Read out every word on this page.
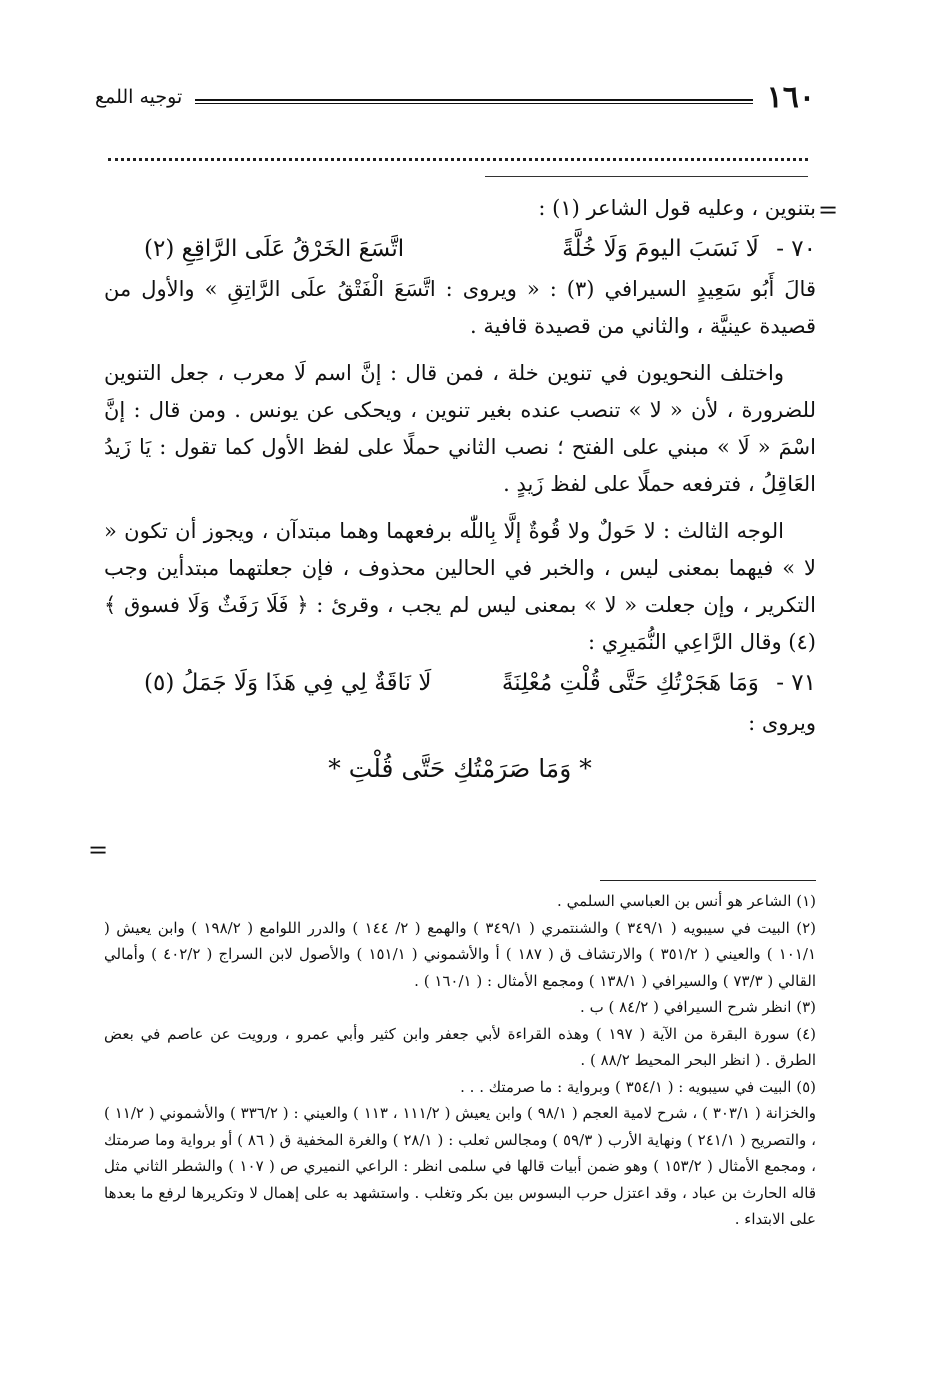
١٦٠
توجيه اللمع
=

بتنوين ، وعليه قول الشاعر (١) :

٧٠ - لَا نَسَبَ اليومَ وَلَا خُلَّةً
اتَّسَعَ الخَرْقُ عَلَى الرَّاقِعِ (٢)

قالَ أَبُو سَعِيدٍ السيرافي (٣) : « ويروى : اتَّسَعَ الْفَتْقُ علَى الرَّاتِقِ » والأول من قصيدة عينيَّة ، والثاني من قصيدة قافية .

واختلف النحويون في تنوين خلة ، فمن قال : إنَّ اسم لَا معرب ، جعل التنوين للضرورة ، لأن « لا » تنصب عنده بغير تنوين ، ويحكى عن يونس . ومن قال : إنَّ اسْمَ « لَا » مبني على الفتح ؛ نصب الثاني حملًا على لفظ الأول كما تقول : يَا زَيدُ العَاقِلُ ، فترفعه حملًا على لفظ زَيدٍ .

الوجه الثالث : لا حَولٌ ولا قُوةٌ إلَّا بِاللّٰه برفعهما وهما مبتدآن ، ويجوز أن تكون « لا » فيهما بمعنى ليس ، والخبر في الحالين محذوف ، فإن جعلتهما مبتدأين وجب التكرير ، وإن جعلت « لا » بمعنى ليس لم يجب ، وقرئ : ﴿ فَلَا رَفَثٌ وَلَا فسوق ﴾ (٤) وقال الرَّاعِي النُّمَيرِي :

٧١ - وَمَا هَجَرْتُكِ حَتَّى قُلْتِ مُعْلِنَةً
لَا نَاقَةٌ لِي فِي هَذَا وَلَا جَمَلُ (٥)

ويروى :

* وَمَا صَرَمْتُكِ حَتَّى قُلْتِ *
=

(١) الشاعر هو أنس بن العباسي السلمي .

(٢) البيت في سيبويه ( ٣٤٩/١ ) والشنتمري ( ٣٤٩/١ ) والهمع ( ٢/ ١٤٤ ) والدرر اللوامع ( ١٩٨/٢ ) وابن يعيش ( ١٠١/١ ) والعيني ( ٣٥١/٢ ) والارتشاف ق ( ١٨٧ ) أ والأشموني ( ١٥١/١ ) والأصول لابن السراج ( ٤٠٢/٢ ) وأمالي القالي ( ٧٣/٣ ) والسيرافي ( ١٣٨/١ ) ومجمع الأمثال : ( ١٦٠/١ ) .

(٣) انظر شرح السيرافي ( ٨٤/٢ ) ب .

(٤) سورة البقرة من الآية ( ١٩٧ ) وهذه القراءة لأبي جعفر وابن كثير وأبي عمرو ، ورويت عن عاصم في بعض الطرق . ( انظر البحر المحيط ٨٨/٢ ) .

(٥) البيت في سيبويه : ( ٣٥٤/١ ) وبرواية : ما صرمتك . . .

والخزانة ( ٣٠٣/١ ) ، شرح لامية العجم ( ٩٨/١ ) وابن يعيش ( ١١١/٢ ، ١١٣ ) والعيني : ( ٣٣٦/٢ ) والأشموني ( ١١/٢ ) ، والتصريح ( ٢٤١/١ ) ونهاية الأرب ( ٥٩/٣ ) ومجالس ثعلب : ( ٢٨/١ ) والغرة المخفية ق ( ٨٦ ) أو برواية وما صرمتك ، ومجمع الأمثال ( ١٥٣/٢ ) وهو ضمن أبيات قالها في سلمى انظر : الراعي النميري ص ( ١٠٧ ) والشطر الثاني مثل قاله الحارث بن عباد ، وقد اعتزل حرب البسوس بين بكر وتغلب . واستشهد به على إهمال لا وتكريرها لرفع ما بعدها على الابتداء .
